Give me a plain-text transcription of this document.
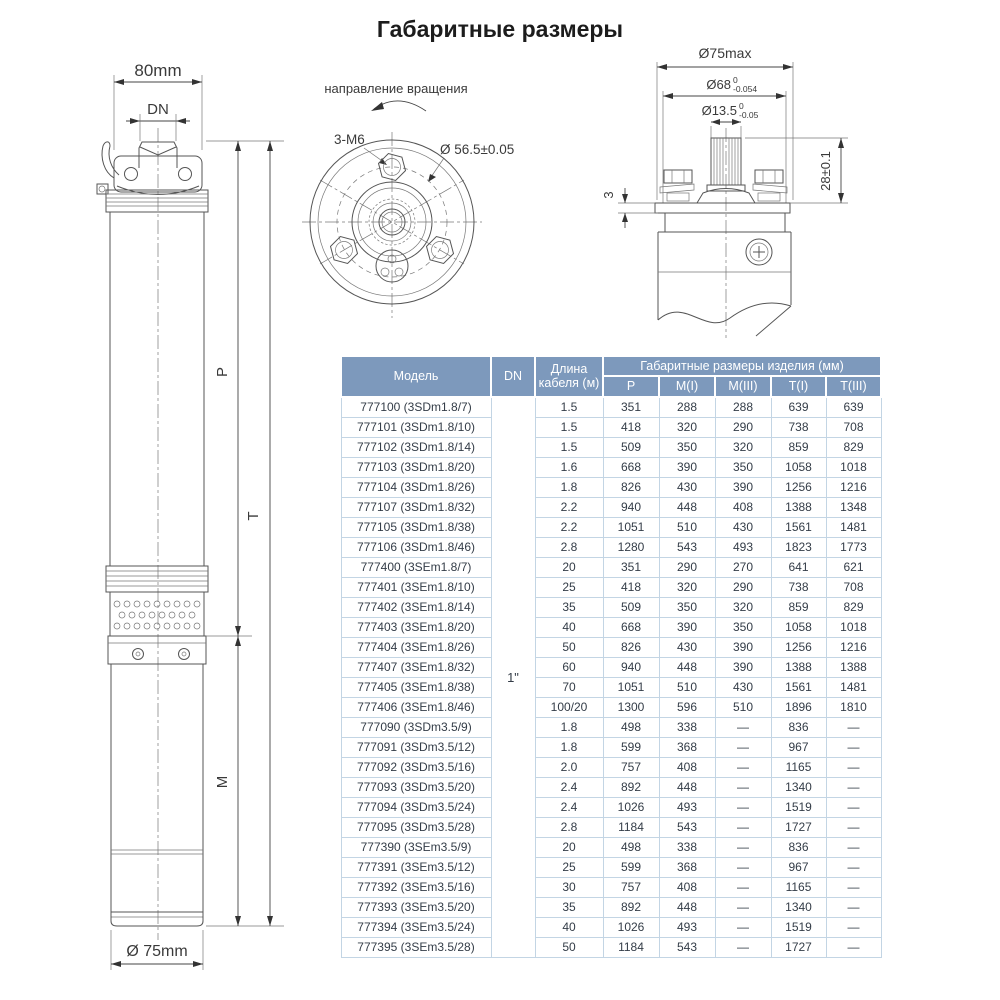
Габаритные размеры
80mm
DN
Ø 75mm
P
T
M
направление вращения
3-M6
Ø 56.5±0.05
Ø75max
Ø68 0
-0.054
Ø13.5 0
-0.05
28±0.1
3
Модель	DN	Длина кабеля (м)	Габаритные размеры изделия (мм)				
			P	M(I)	M(III)	T(I)	T(III)
777100 (3SDm1.8/7)	1"	1.5	351	288	288	639	639
777101 (3SDm1.8/10)		1.5	418	320	290	738	708
777102 (3SDm1.8/14)		1.5	509	350	320	859	829
777103 (3SDm1.8/20)		1.6	668	390	350	1058	1018
777104 (3SDm1.8/26)		1.8	826	430	390	1256	1216
777107 (3SDm1.8/32)		2.2	940	448	408	1388	1348
777105 (3SDm1.8/38)		2.2	1051	510	430	1561	1481
777106 (3SDm1.8/46)		2.8	1280	543	493	1823	1773
777400 (3SEm1.8/7)		20	351	290	270	641	621
777401 (3SEm1.8/10)		25	418	320	290	738	708
777402 (3SEm1.8/14)		35	509	350	320	859	829
777403 (3SEm1.8/20)		40	668	390	350	1058	1018
777404 (3SEm1.8/26)		50	826	430	390	1256	1216
777407 (3SEm1.8/32)		60	940	448	390	1388	1388
777405 (3SEm1.8/38)		70	1051	510	430	1561	1481
777406 (3SEm1.8/46)		100/20	1300	596	510	1896	1810
777090 (3SDm3.5/9)		1.8	498	338	—	836	—
777091 (3SDm3.5/12)		1.8	599	368	—	967	—
777092 (3SDm3.5/16)		2.0	757	408	—	1165	—
777093 (3SDm3.5/20)		2.4	892	448	—	1340	—
777094 (3SDm3.5/24)		2.4	1026	493	—	1519	—
777095 (3SDm3.5/28)		2.8	1184	543	—	1727	—
777390 (3SEm3.5/9)		20	498	338	—	836	—
777391 (3SEm3.5/12)		25	599	368	—	967	—
777392 (3SEm3.5/16)		30	757	408	—	1165	—
777393 (3SEm3.5/20)		35	892	448	—	1340	—
777394 (3SEm3.5/24)		40	1026	493	—	1519	—
777395 (3SEm3.5/28)		50	1184	543	—	1727	—
